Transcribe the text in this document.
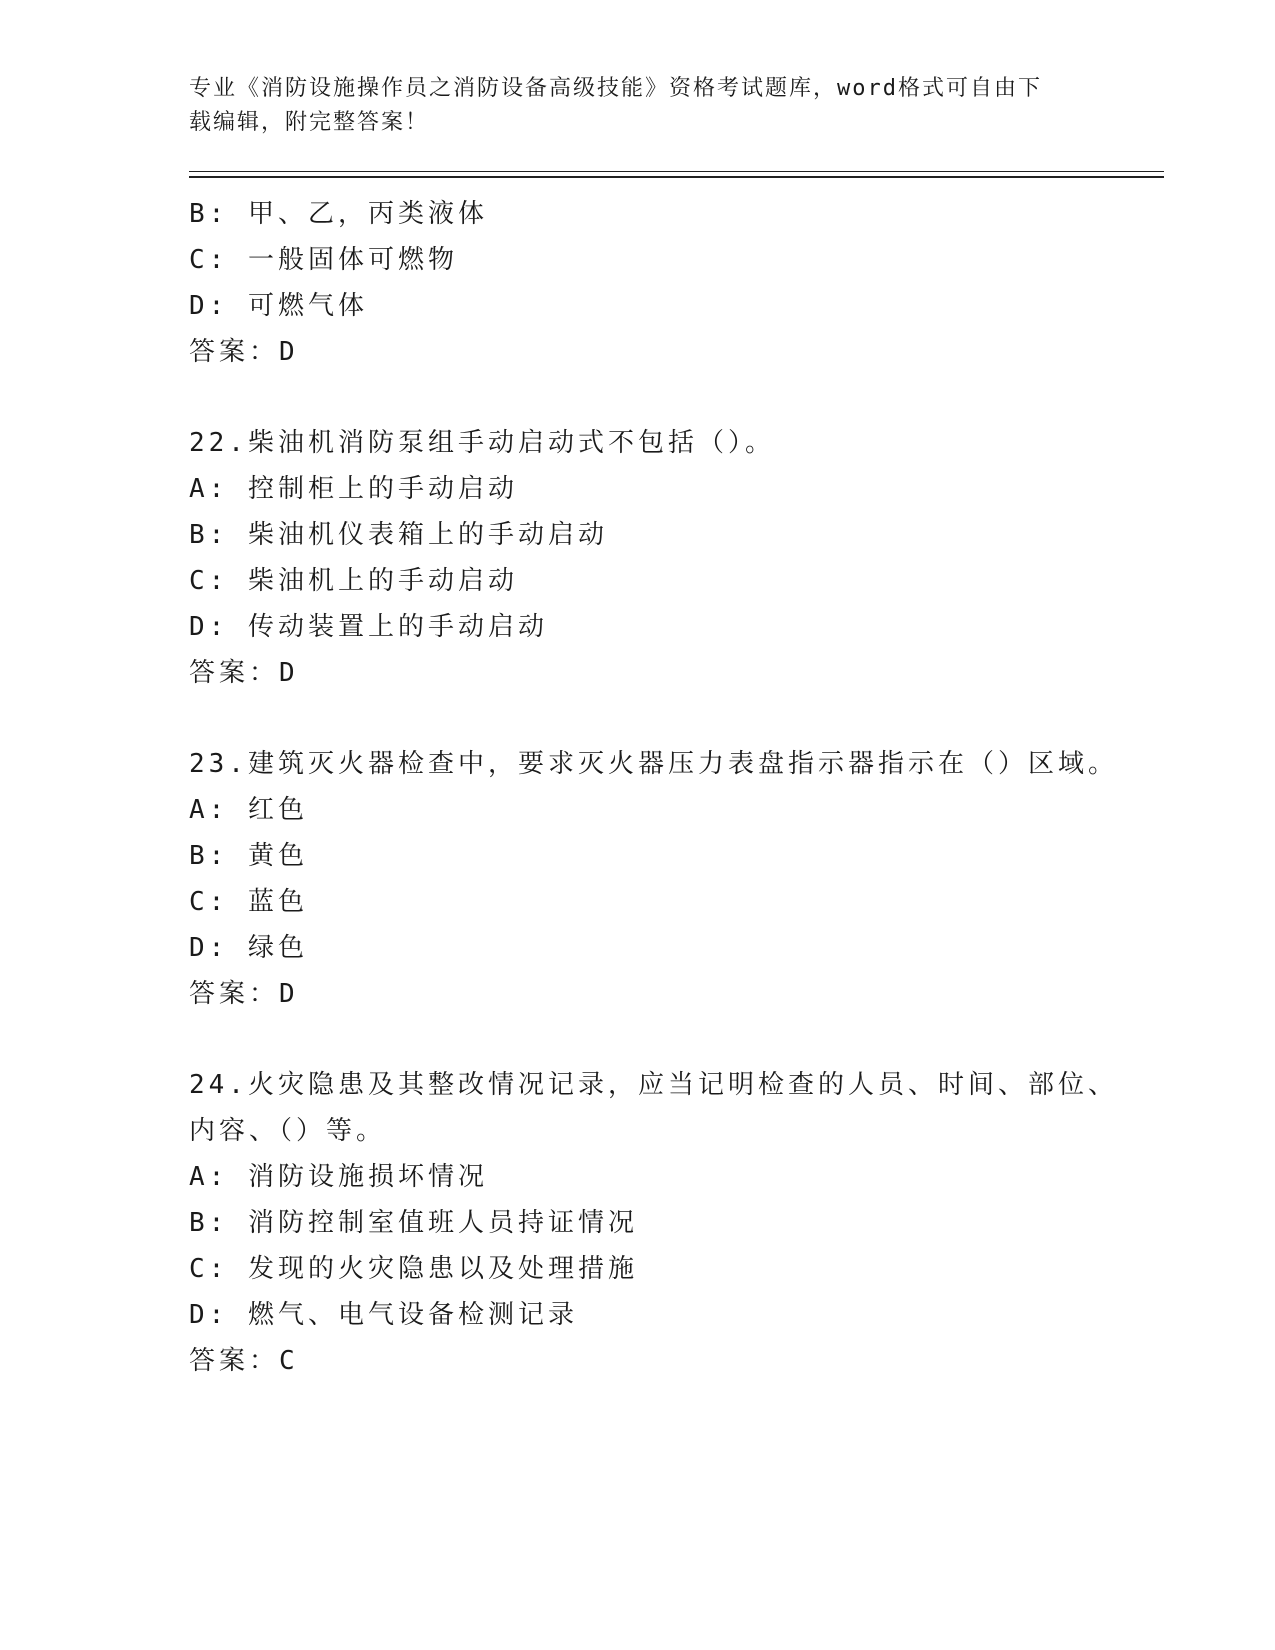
专业《消防设施操作员之消防设备高级技能》资格考试题库，word格式可自由下
载编辑，附完整答案！
B: 甲、乙，丙类液体
C: 一般固体可燃物
D: 可燃气体
答案：D
22.柴油机消防泵组手动启动式不包括（）。
A: 控制柜上的手动启动
B: 柴油机仪表箱上的手动启动
C: 柴油机上的手动启动
D: 传动装置上的手动启动
答案：D
23.建筑灭火器检查中，要求灭火器压力表盘指示器指示在（）区域。
A: 红色
B: 黄色
C: 蓝色
D: 绿色
答案：D
24.火灾隐患及其整改情况记录，应当记明检查的人员、时间、部位、
内容、（）等。
A: 消防设施损坏情况
B: 消防控制室值班人员持证情况
C: 发现的火灾隐患以及处理措施
D: 燃气、电气设备检测记录
答案：C
